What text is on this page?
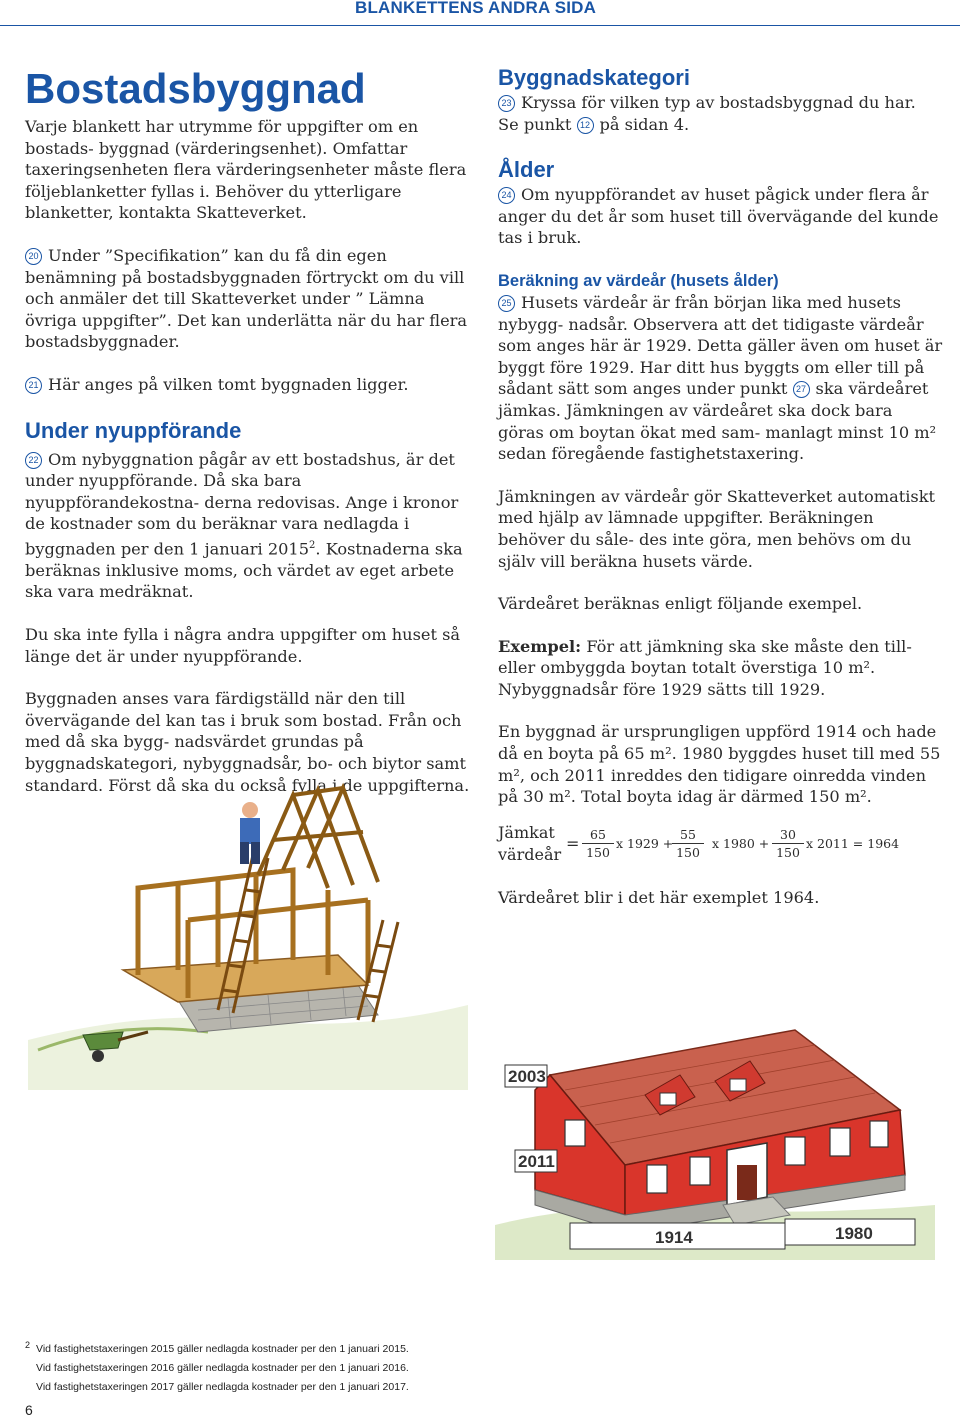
BLANKETTENS ANDRA SIDA
Bostadsbyggnad

Varje blankett har utrymme för uppgifter om en bostads- byggnad (värderingsenhet). Omfattar taxeringsenheten flera värderingsenheter måste flera följeblanketter fyllas i. Behöver du ytterligare blanketter, kontakta Skatteverket.

20 Under ”Specifikation” kan du få din egen benämning på bostadsbyggnaden förtryckt om du vill och anmäler det till Skatteverket under ” Lämna övriga uppgifter”. Det kan underlätta när du har flera bostadsbyggnader.

21 Här anges på vilken tomt byggnaden ligger.

Under nyuppförande

22 Om nybyggnation pågår av ett bostadshus, är det under nyuppförande. Då ska bara nyuppförandekostna- derna redovisas. Ange i kronor de kostnader som du beräknar vara nedlagda i byggnaden per den 1 januari 2015$^2$. Kostnaderna ska beräknas inklusive moms, och värdet av eget arbete ska vara medräknat.

Du ska inte fylla i några andra uppgifter om huset så länge det är under nyuppförande.

Byggnaden anses vara färdigställd när den till övervägande del kan tas i bruk som bostad. Från och med då ska bygg- nadsvärdet grundas på byggnadskategori, nybyggnadsår, bo- och biytor samt standard. Först då ska du också fylla i de uppgifterna.

Byggnadskategori

23 Kryssa för vilken typ av bostadsbyggnad du har.

Se punkt 12 på sidan 4.

Ålder

24 Om nyuppförandet av huset pågick under flera år anger du det år som huset till övervägande del kunde tas i bruk.

Beräkning av värdeår (husets ålder)

25 Husets värdeår är från början lika med husets nybygg- nadsår. Observera att det tidigaste värdeår som anges här är 1929. Detta gäller även om huset är byggt före 1929. Har ditt hus byggts om eller till på sådant sätt som anges under punkt 27 ska värdeåret jämkas. Jämkningen av värdeåret ska dock bara göras om boytan ökat med sam- manlagt minst 10 m² sedan föregående fastighetstaxering.

Jämkningen av värdeår gör Skatteverket automatiskt med hjälp av lämnade uppgifter. Beräkningen behöver du såle- des inte göra, men behövs om du själv vill beräkna husets värde.

Värdeåret beräknas enligt följande exempel.

Exempel: För att jämkning ska ske måste den till- eller ombyggda boytan totalt överstiga 10 m². Nybyggnadsår före 1929 sätts till 1929.

En byggnad är ursprungligen uppförd 1914 och hade då en boyta på 65 m². 1980 byggdes huset till med 55 m², och 2011 inreddes den tidigare oinredda vinden på 30 m². Total boyta idag är därmed 150 m².

Jämkat
värdeår
= $\frac{65}{150}$ x 1929 +
$\frac{55}{150}$ x $1980 + \frac{30}{150}$ x 2011 = 1964
Värdeåret blir i det här exemplet 1964.
2003
2011
1914	1980
2 Vid fastighetstaxeringen 2015 gäller nedlagda kostnader per den 1 januari 2015.
Vid fastighetstaxeringen 2016 gäller nedlagda kostnader per den 1 januari 2016.
Vid fastighetstaxeringen 2017 gäller nedlagda kostnader per den 1 januari 2017.
6
